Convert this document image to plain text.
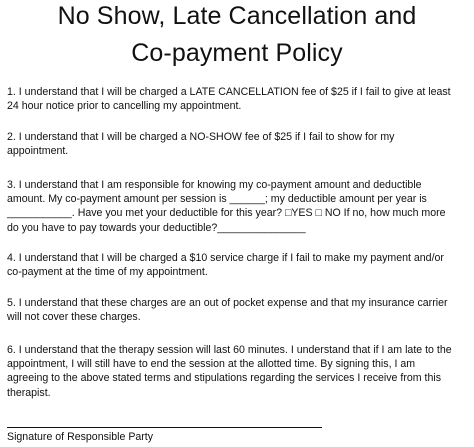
No Show, Late Cancellation and
Co-payment Policy

1. I understand that I will be charged a LATE CANCELLATION fee of $25 if I fail to give at least
24 hour notice prior to cancelling my appointment.

2. I understand that I will be charged a NO-SHOW fee of $25 if I fail to show for my
appointment.

3. I understand that I am responsible for knowing my co-payment amount and deductible
amount. My co-payment amount per session is ______; my deductible amount per year is
___________. Have you met your deductible for this year? □YES □ NO If no, how much more
do you have to pay towards your deductible?_______________

4. I understand that I will be charged a $10 service charge if I fail to make my payment and/or
co-payment at the time of my appointment.

5. I understand that these charges are an out of pocket expense and that my insurance carrier
will not cover these charges.

6. I understand that the therapy session will last 60 minutes. I understand that if I am late to the
appointment, I will still have to end the session at the allotted time. By signing this, I am
agreeing to the above stated terms and stipulations regarding the services I receive from this
therapist.

Signature of Responsible Party
